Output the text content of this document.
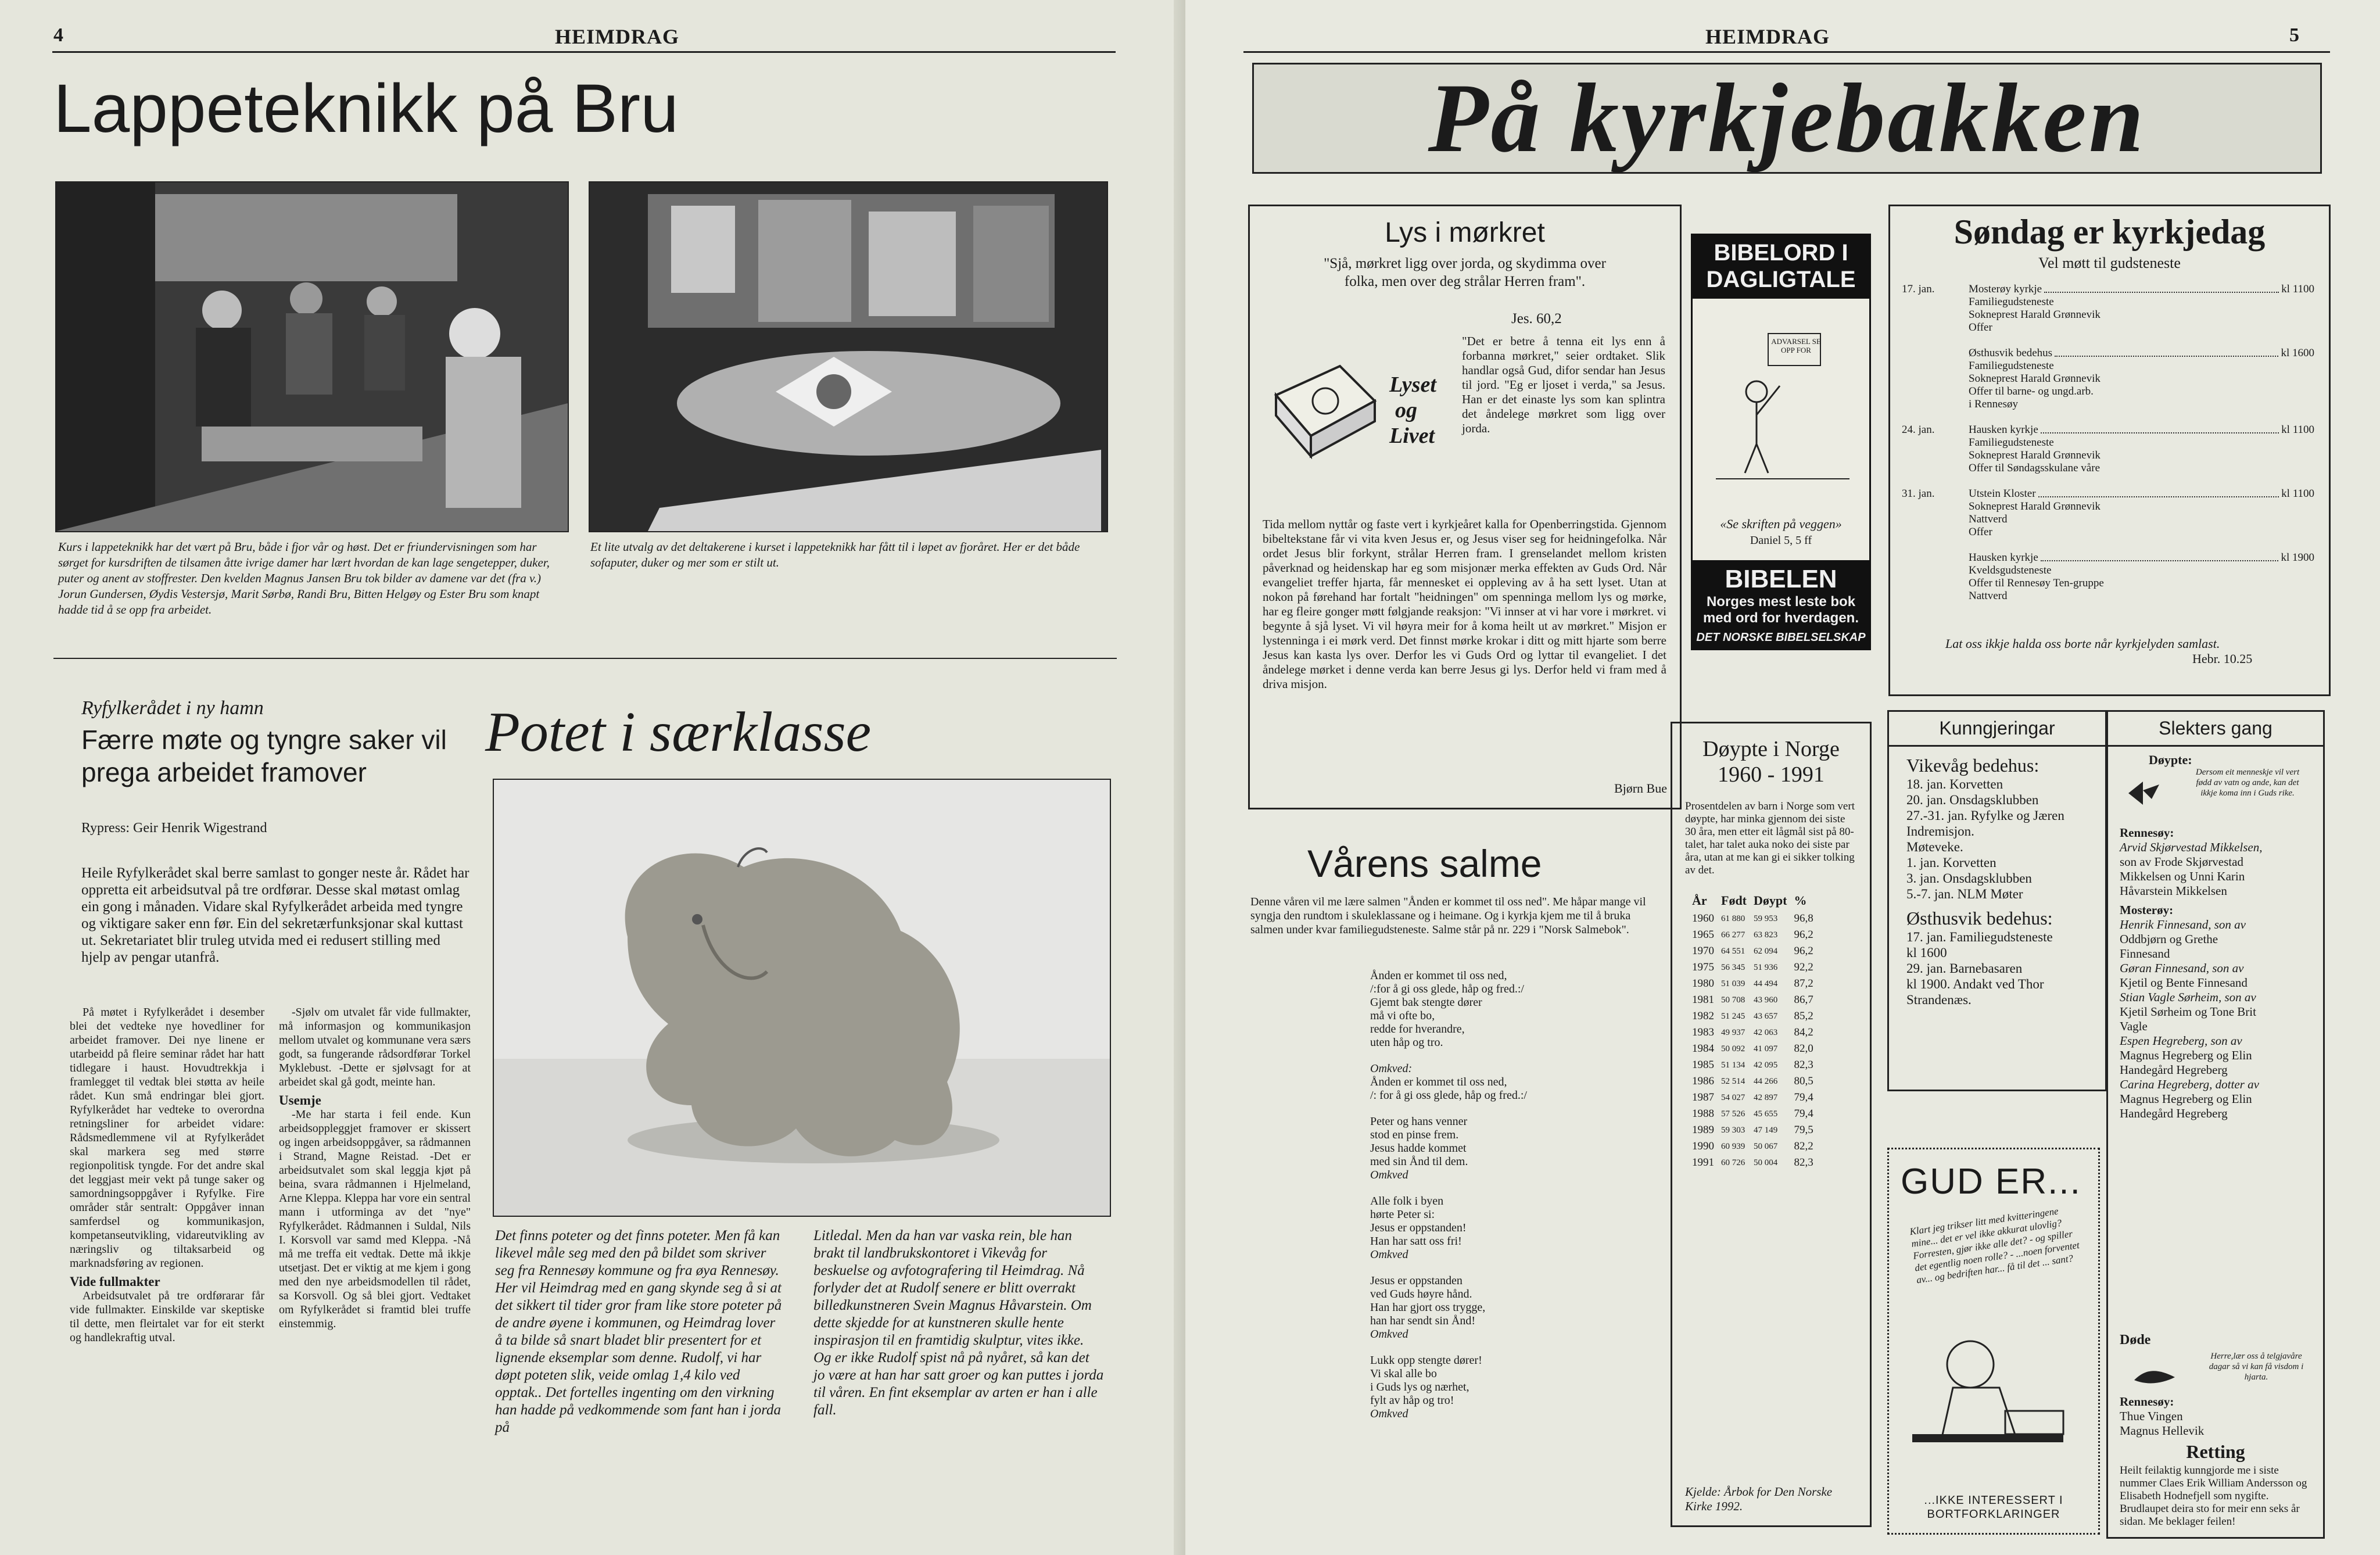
4	HEIMDRAG
Lappeteknikk på Bru
Kurs i lappeteknikk har det vært på Bru, både i fjor vår og høst. Det er friundervisningen som har sørget for kursdriften de tilsamen åtte ivrige damer har lært hvordan de kan lage sengetepper, duker, puter og anent av stoffrester. Den kvelden Magnus Jansen Bru tok bilder av damene var det (fra v.) Jorun Gundersen, Øydis Vestersjø, Marit Sørbø, Randi Bru, Bitten Helgøy og Ester Bru som knapt hadde tid å se opp fra arbeidet.
Et lite utvalg av det deltakerene i kurset i lappeteknikk har fått til i løpet av fjoråret. Her er det både sofaputer, duker og mer som er stilt ut.
Ryfylkerådet i ny hamn
Færre møte og tyngre saker vil prega arbeidet framover
Rypress: Geir Henrik Wigestrand
Heile Ryfylkerådet skal berre samlast to gonger neste år. Rådet har oppretta eit arbeidsutval på tre ordførar. Desse skal møtast omlag ein gong i månaden. Vidare skal Ryfylkerådet arbeida med tyngre og viktigare saker enn før. Ein del sekretærfunksjonar skal kuttast ut. Sekretariatet blir truleg utvida med ei redusert stilling med hjelp av pengar utanfrå.

På møtet i Ryfylkerådet i desember blei det vedteke nye hovedliner for arbeidet framover. Dei nye linene er utarbeidd på fleire seminar rådet har hatt tidlegare i haust. Hovudtrekkja i framlegget til vedtak blei støtta av heile rådet. Kun små endringar blei gjort. Ryfylkerådet har vedteke to overordna retningsliner for arbeidet vidare: Rådsmedlemmene vil at Ryfylkerådet skal markera seg med større regionpolitisk tyngde. For det andre skal det leggjast meir vekt på tunge saker og samordningsoppgåver i Ryfylke. Fire områder står sentralt: Oppgåver innan samferdsel og kommunikasjon, kompetanseutvikling, vidareutvikling av næringsliv og tiltaksarbeid og marknadsføring av regionen.

Vide fullmakter

Arbeidsutvalet på tre ordførarar får vide fullmakter. Einskilde var skeptiske til dette, men fleirtalet var for eit sterkt og handlekraftig utval.

-Sjølv om utvalet får vide fullmakter, må informasjon og kommunikasjon mellom utvalet og kommunane vera særs godt, sa fungerande rådsordførar Torkel Myklebust. -Dette er sjølvsagt for at arbeidet skal gå godt, meinte han.

Usemje

-Me har starta i feil ende. Kun arbeidsoppleggjet framover er skissert og ingen arbeidsoppgåver, sa rådmannen i Strand, Magne Reistad. -Det er arbeidsutvalet som skal leggja kjøt på beina, svara rådmannen i Hjelmeland, Arne Kleppa. Kleppa har vore ein sentral mann i utforminga av det "nye" Ryfylkerådet. Rådmannen i Suldal, Nils I. Korsvoll var samd med Kleppa. -Nå må me treffa eit vedtak. Dette må ikkje utsetjast. Det er viktig at me kjem i gong med den nye arbeidsmodellen til rådet, sa Korsvoll. Og så blei gjort. Vedtaket om Ryfylkerådet si framtid blei truffe einstemmig.

Potet i særklasse
Det finns poteter og det finns poteter. Men få kan likevel måle seg med den på bildet som skriver seg fra Rennesøy kommune og fra øya Rennesøy. Her vil Heimdrag med en gang skynde seg å si at det sikkert til tider gror fram like store poteter på de andre øyene i kommunen, og Heimdrag lover å ta bilde så snart bladet blir presentert for et lignende eksemplar som denne. Rudolf, vi har døpt poteten slik, veide omlag 1,4 kilo ved opptak.. Det fortelles ingenting om den virkning han hadde på vedkommende som fant han i jorda på
Litledal. Men da han var vaska rein, ble han brakt til landbrukskontoret i Vikevåg for beskuelse og avfotografering til Heimdrag. Nå forlyder det at Rudolf senere er blitt overrakt billedkunstneren Svein Magnus Håvarstein. Om dette skjedde for at kunstneren skulle hente inspirasjon til en framtidig skulptur, vites ikke. Og er ikke Rudolf spist nå på nyåret, så kan det jo være at han har satt groer og kan puttes i jorda til våren. En fint eksemplar av arten er han i alle fall.
HEIMDRAG	5
På kyrkjebakken
Lys i mørkret
"Sjå, mørkret ligg over jorda, og skydimma over folka, men over deg strålar Herren fram".
Jes. 60,2
Lyset
og
Livet
"Det er betre å tenna eit lys enn å forbanna mørkret," seier ordtaket. Slik handlar også Gud, difor sendar han Jesus til jord. "Eg er ljoset i verda," sa Jesus. Han er det einaste lys som kan splintra det åndelege mørkret som ligg over jorda.
Tida mellom nyttår og faste vert i kyrkjeåret kalla for Openberringstida. Gjennom bibeltekstane får vi vita kven Jesus er, og Jesus viser seg for heidningefolka. Når ordet Jesus blir forkynt, strålar Herren fram. I grenselandet mellom kristen påverknad og heidenskap har eg som misjonær merka effekten av Guds Ord. Når evangeliet treffer hjarta, får mennesket ei oppleving av å ha sett lyset. Utan at nokon på førehand har fortalt "heidningen" om spenninga mellom lys og mørke, har eg fleire gonger møtt følgjande reaksjon: "Vi innser at vi har vore i mørkret. vi begynte å sjå lyset. Vi vil høyra meir for å koma heilt ut av mørkret." Misjon er lystenninga i ei mørk verd. Det finnst mørke krokar i ditt og mitt hjarte som berre Jesus kan kasta lys over. Derfor les vi Guds Ord og lyttar til evangeliet. I det åndelege mørket i denne verda kan berre Jesus gi lys. Derfor held vi fram med å driva misjon.
Bjørn Bue
BIBELORD I
DAGLIGTALE
ADVARSEL SE OPP FOR
«Se skriften på veggen»
Daniel 5, 5 ff
BIBELEN
Norges mest leste bok med ord for hverdagen.
DET NORSKE BIBELSELSKAP
Søndag er kyrkjedag
Vel møtt til gudsteneste
17. jan.	Mosterøy kyrkje	kl 1100
Familiegudsteneste
Sokneprest Harald Grønnevik
Offer
Østhusvik bedehus	kl 1600
Familiegudsteneste
Sokneprest Harald Grønnevik
Offer til barne- og ungd.arb.
i Rennesøy
24. jan.	Hausken kyrkje	kl 1100
Familiegudsteneste
Sokneprest Harald Grønnevik
Offer til Søndagsskulane våre
31. jan.	Utstein Kloster	kl 1100
Sokneprest Harald Grønnevik
Nattverd
Offer
Hausken kyrkje	kl 1900
Kveldsgudsteneste
Offer til Rennesøy Ten-gruppe
Nattverd
Lat oss ikkje halda oss borte når kyrkjelyden samlast.
Hebr. 10.25
Døypte i Norge 1960 - 1991
Prosentdelen av barn i Norge som vert døypte, har minka gjennom dei siste 30 åra, men etter eit lågmål sist på 80-talet, har talet auka noko dei siste par åra, utan at me kan gi ei sikker tolking av det.
År	Født	Døypt	%
1960	61 880	59 953	96,8
1965	66 277	63 823	96,2
1970	64 551	62 094	96,2
1975	56 345	51 936	92,2
1980	51 039	44 494	87,2
1981	50 708	43 960	86,7
1982	51 245	43 657	85,2
1983	49 937	42 063	84,2
1984	50 092	41 097	82,0
1985	51 134	42 095	82,3
1986	52 514	44 266	80,5
1987	54 027	42 897	79,4
1988	57 526	45 655	79,4
1989	59 303	47 149	79,5
1990	60 939	50 067	82,2
1991	60 726	50 004	82,3
Kjelde: Årbok for Den Norske Kirke 1992.
Vårens salme
Denne våren vil me lære salmen "Ånden er kommet til oss ned". Me håpar mange vil syngja den rundtom i skuleklassane og i heimane. Og i kyrkja kjem me til å bruka salmen under kvar familiegudsteneste. Salme står på nr. 229 i "Norsk Salmebok".
Ånden er kommet til oss ned,
/:for å gi oss glede, håp og fred.:/
Gjemt bak stengte dører
må vi ofte bo,
redde for hverandre,
uten håp og tro.
Omkved:
Ånden er kommet til oss ned,
/: for å gi oss glede, håp og fred.:/
Peter og hans venner
stod en pinse frem.
Jesus hadde kommet
med sin Ånd til dem.
Omkved
Alle folk i byen
hørte Peter si:
Jesus er oppstanden!
Han har satt oss fri!
Omkved
Jesus er oppstanden
ved Guds høyre hånd.
Han har gjort oss trygge,
han har sendt sin Ånd!
Omkved
Lukk opp stengte dører!
Vi skal alle bo
i Guds lys og nærhet,
fylt av håp og tro!
Omkved
Kunngjeringar
Vikevåg bedehus:
18. jan. Korvetten
20. jan. Onsdagsklubben
27.-31. jan. Ryfylke og Jæren Indremisjon.
Møteveke.
1. jan. Korvetten
3. jan. Onsdagsklubben
5.-7. jan. NLM Møter
Østhusvik bedehus:
17. jan. Familiegudsteneste
kl 1600
29. jan. Barnebasaren
kl 1900. Andakt ved Thor
Strandenæs.
GUD ER...
Klart jeg trikser litt med kvitteringene mine... det er vel ikke akkurat ulovlig? Forresten, gjør ikke alle det? - og spiller det egentlig noen rolle? - ...noen forventet av... og bedriften har... få til det ... sant?
...IKKE INTERESSERT I BORTFORKLARINGER
Slekters gang
Døypte:
Dersom eit menneskje vil vert fødd av vatn og ande, kan det ikkje koma inn i Guds rike.
Rennesøy:
Arvid Skjørvestad Mikkelsen,
son av Frode Skjørvestad
Mikkelsen og Unni Karin
Håvarstein Mikkelsen
Mosterøy:
Henrik Finnesand, son av
Oddbjørn og Grethe
Finnesand
Gøran Finnesand, son av
Kjetil og Bente Finnesand
Stian Vagle Sørheim, son av
Kjetil Sørheim og Tone Brit
Vagle
Espen Hegreberg, son av
Magnus Hegreberg og Elin
Handegård Hegreberg
Carina Hegreberg, dotter av
Magnus Hegreberg og Elin
Handegård Hegreberg
Døde
Herre,lær oss å telgjavåre dagar så vi kan få visdom i hjarta.
Rennesøy:
Thue Vingen
Magnus Hellevik
Retting
Heilt feilaktig kunngjorde me i siste nummer Claes Erik William Andersson og Elisabeth Hodnefjell som nygifte. Brudlaupet deira sto for meir enn seks år sidan. Me beklager feilen!
